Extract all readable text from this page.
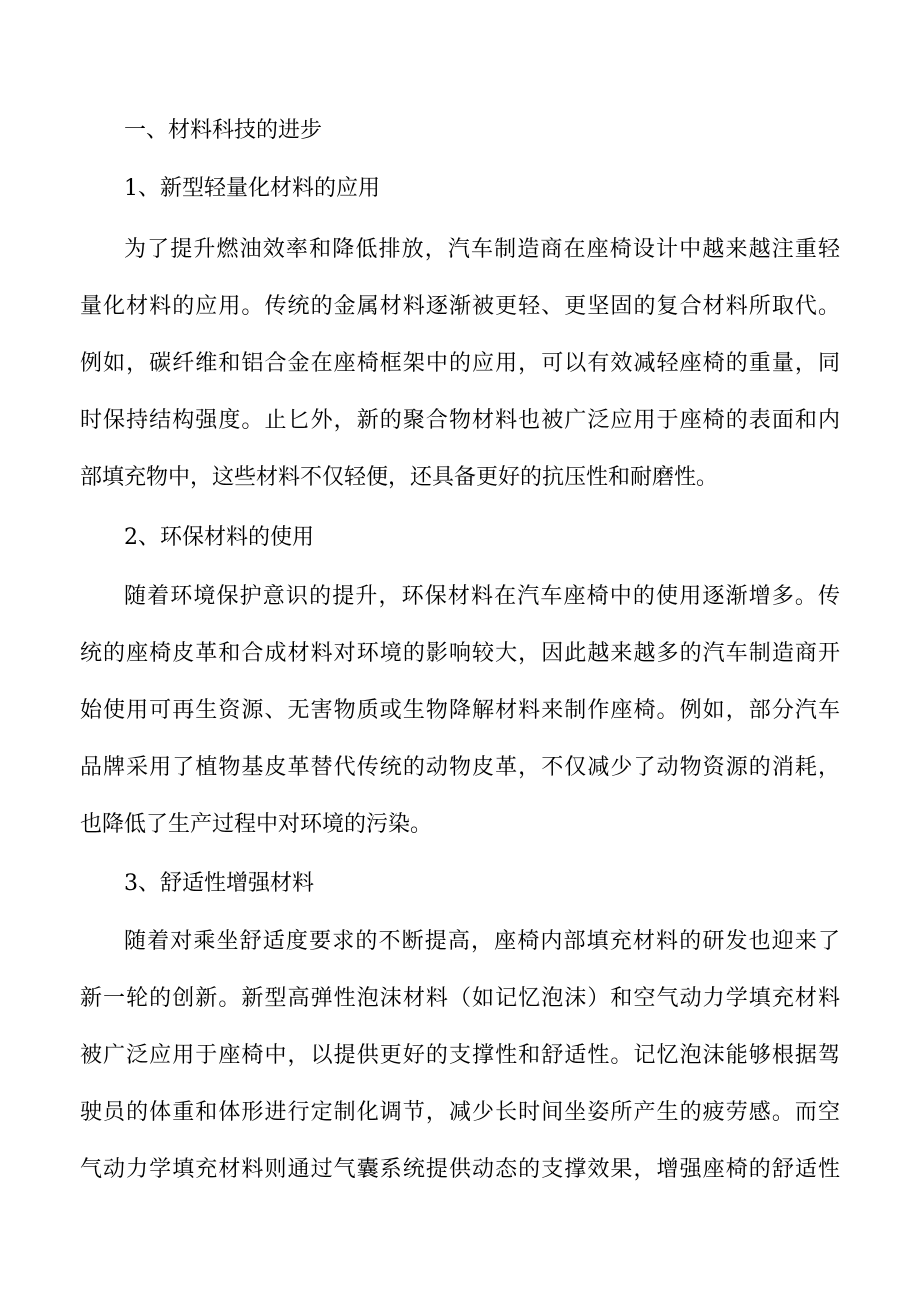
一、材料科技的进步
1、新型轻量化材料的应用
为了提升燃油效率和降低排放，汽车制造商在座椅设计中越来越注重轻
量化材料的应用。传统的金属材料逐渐被更轻、更坚固的复合材料所取代。
例如，碳纤维和铝合金在座椅框架中的应用，可以有效减轻座椅的重量，同
时保持结构强度。止匕外，新的聚合物材料也被广泛应用于座椅的表面和内
部填充物中，这些材料不仅轻便，还具备更好的抗压性和耐磨性。
2、环保材料的使用
随着环境保护意识的提升，环保材料在汽车座椅中的使用逐渐增多。传
统的座椅皮革和合成材料对环境的影响较大，因此越来越多的汽车制造商开
始使用可再生资源、无害物质或生物降解材料来制作座椅。例如，部分汽车
品牌采用了植物基皮革替代传统的动物皮革，不仅减少了动物资源的消耗，
也降低了生产过程中对环境的污染。
3、舒适性增强材料
随着对乘坐舒适度要求的不断提高，座椅内部填充材料的研发也迎来了
新一轮的创新。新型高弹性泡沫材料（如记忆泡沫）和空气动力学填充材料
被广泛应用于座椅中，以提供更好的支撑性和舒适性。记忆泡沫能够根据驾
驶员的体重和体形进行定制化调节，减少长时间坐姿所产生的疲劳感。而空
气动力学填充材料则通过气囊系统提供动态的支撑效果，增强座椅的舒适性
